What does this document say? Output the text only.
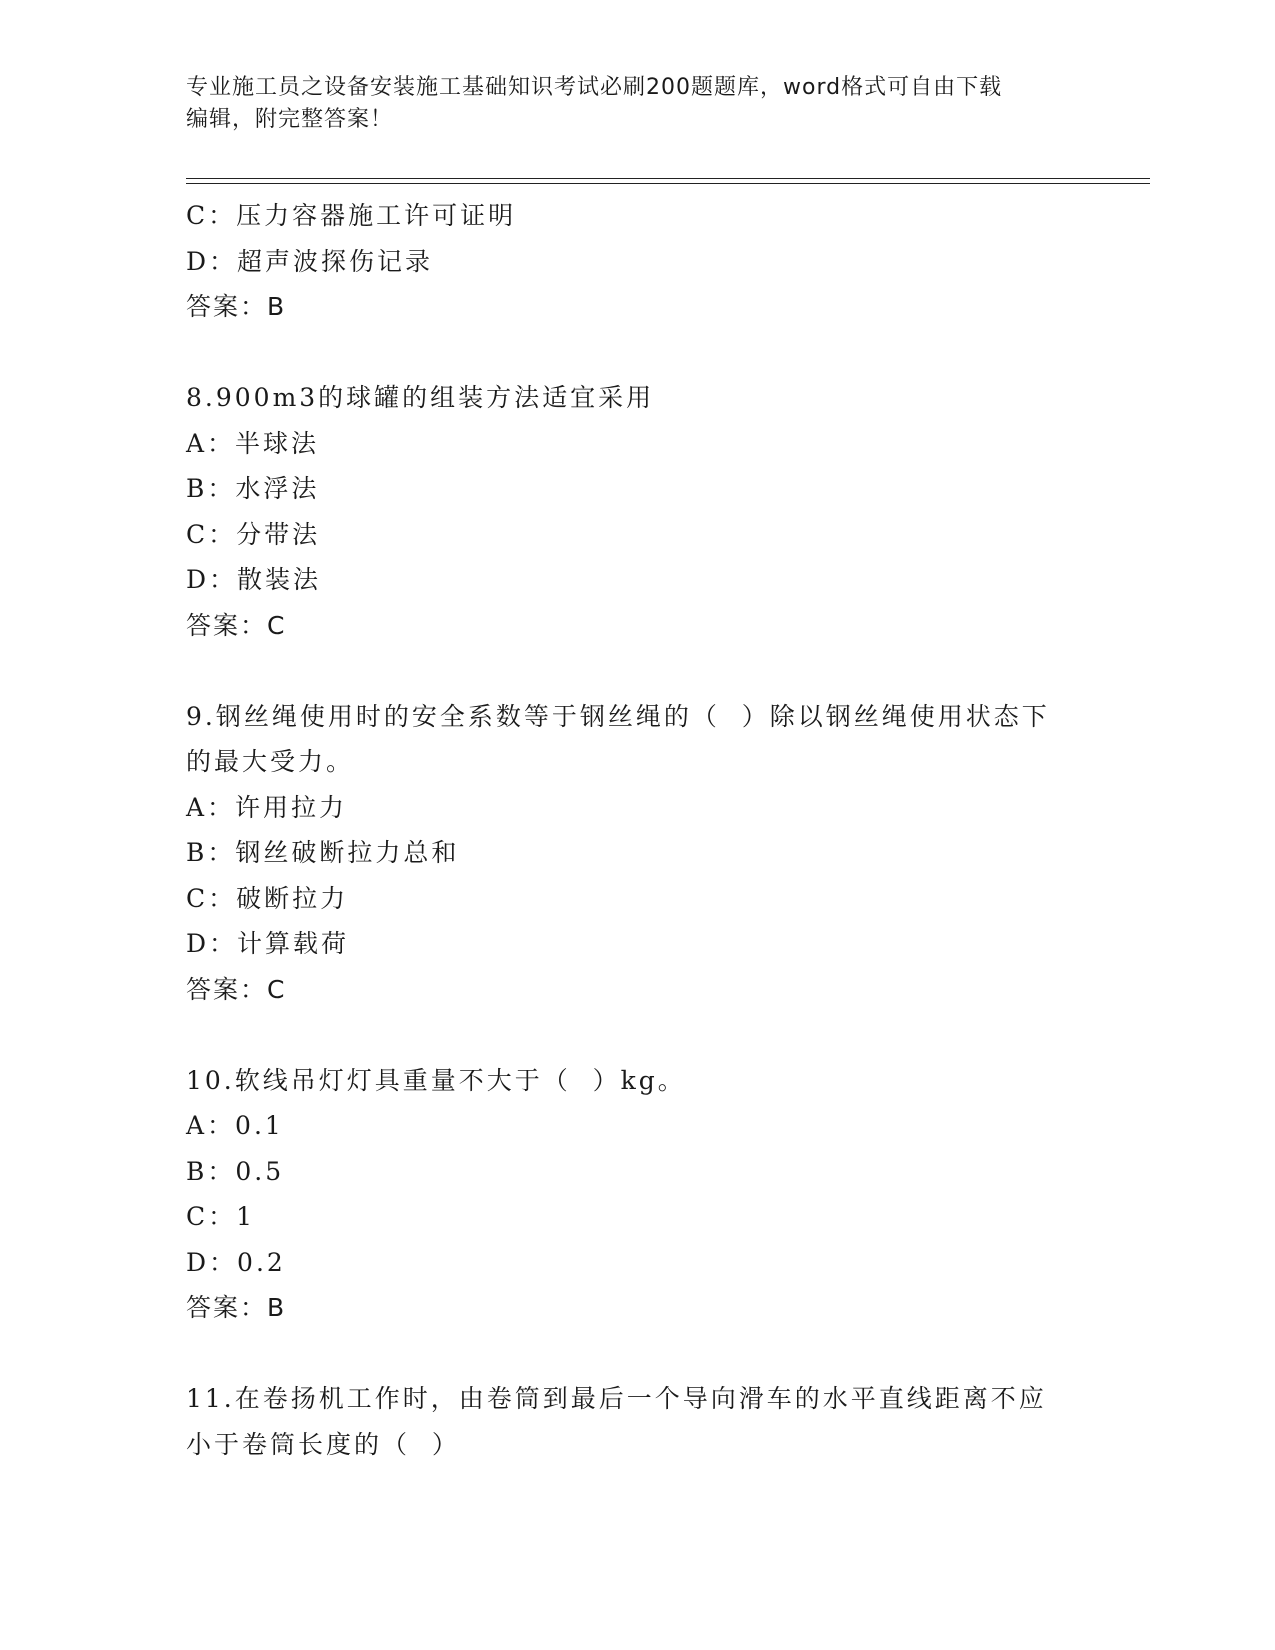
专业施工员之设备安装施工基础知识考试必刷200题题库，word格式可自由下载
编辑，附完整答案！
C：压力容器施工许可证明
D：超声波探伤记录
答案：B
8.900m3的球罐的组装方法适宜采用
A：半球法
B：水浮法
C：分带法
D：散装法
答案：C
9.钢丝绳使用时的安全系数等于钢丝绳的（  ）除以钢丝绳使用状态下
的最大受力。
A：许用拉力
B：钢丝破断拉力总和
C：破断拉力
D：计算载荷
答案：C
10.软线吊灯灯具重量不大于（  ）kg。
A：0.1
B：0.5
C：1
D：0.2
答案：B
11.在卷扬机工作时，由卷筒到最后一个导向滑车的水平直线距离不应
小于卷筒长度的（  ）
